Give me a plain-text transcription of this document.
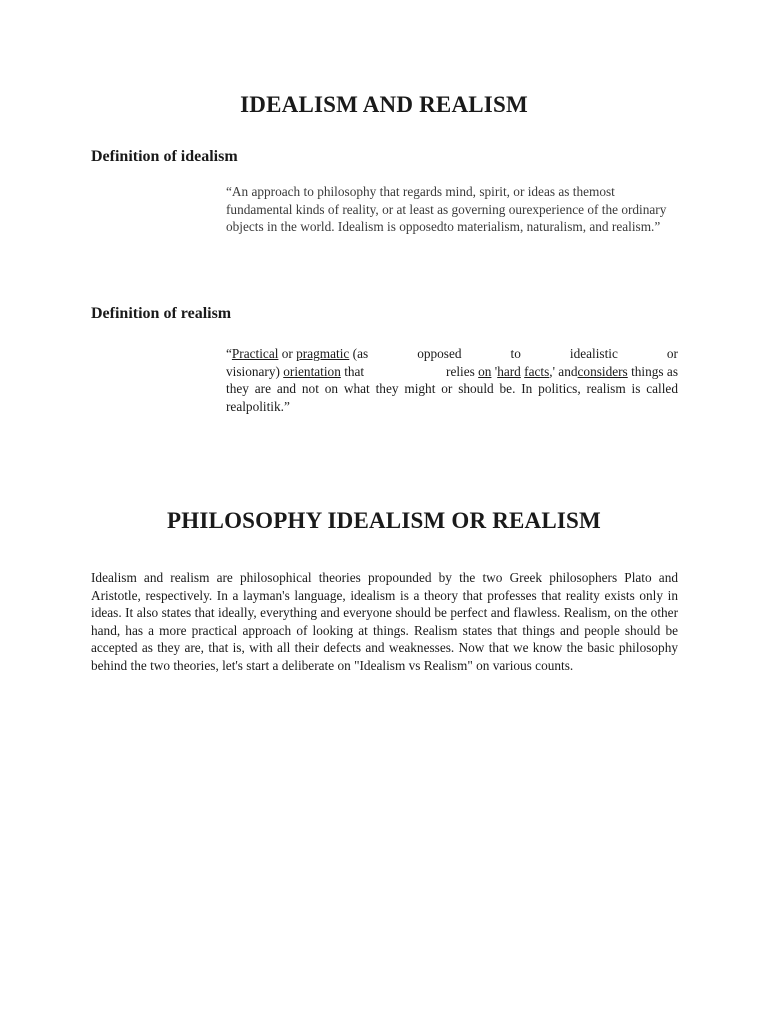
IDEALISM AND REALISM
Definition of idealism

“An approach to philosophy that regards mind, spirit, or ideas as themost fundamental kinds of reality, or at least as governing ourexperience of the ordinary objects in the world. Idealism is opposedto materialism, naturalism, and realism.”

Definition of realism
“Practical or pragmatic (as	opposed	to	idealistic	or
visionary) orientation that	relies on 'hard facts,' andconsiders things as
they are and not on what they might or should be. In politics, realism is called realpolitik.”
PHILOSOPHY IDEALISM OR REALISM

Idealism and realism are philosophical theories propounded by the two Greek philosophers Plato and Aristotle, respectively. In a layman's language, idealism is a theory that professes that reality exists only in ideas. It also states that ideally, everything and everyone should be perfect and flawless. Realism, on the other hand, has a more practical approach of looking at things. Realism states that things and people should be accepted as they are, that is, with all their defects and weaknesses. Now that we know the basic philosophy behind the two theories, let's start a deliberate on "Idealism vs Realism" on various counts.
